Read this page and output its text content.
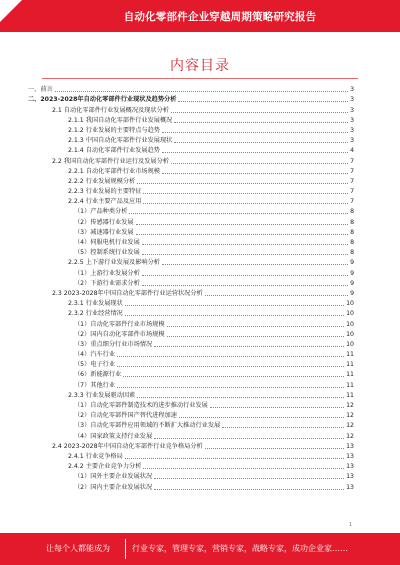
自动化零部件企业穿越周期策略研究报告
内容目录
一、前言	3
二、2023-2028年自动化零部件行业现状及趋势分析	3
2.1 自动化零部件行业发展概况及现状分析	3
2.1.1 我国自动化零部件行业发展概况	3
2.1.2 行业发展的主要特点与趋势	3
2.1.3 中国自动化零部件行业发展现状	3
2.1.4 自动化零部件行业发展趋势	4
2.2 我国自动化零部件行业运行及发展分析	7
2.2.1 自动化零部件行业市场规模	7
2.2.2 行业发展规模分析	7
2.2.3 行业发展的主要特征	7
2.2.4 行业主要产品及应用	7
（1）产品种类分析	8
（2）传感器行业发展	8
（3）减速器行业发展	8
（4）伺服电机行业发展	8
（5）控制系统行业发展	8
2.2.5 上下游行业发展及影响分析	9
（1）上游行业发展分析	9
（2）下游行业需求分析	9
2.3 2023-2028年中国自动化零部件行业运营状况分析	9
2.3.1 行业发展现状	10
2.3.2 行业经营情况	10
（1）自动化零部件行业市场规模	10
（2）国内自动化零部件市场规模	10
（3）重点细分行业市场情况	10
（4）汽车行业	11
（5）电子行业	11
（6）新能源行业	11
（7）其他行业	11
2.3.3 行业发展驱动因素	11
（1）自动化零部件制造技术的进步推动行业发展	12
（2）自动化零部件国产替代进程加速	12
（3）自动化零部件应用领域的不断扩大推动行业发展	12
（4）国家政策支持行业发展	12
2.4 2023-2028年中国自动化零部件行业竞争格局分析	13
2.4.1 行业竞争格局	13
2.4.2 主要企业竞争力分析	13
（1）国外主要企业发展状况	13
（2）国内主要企业发展状况	13
1
让每个人都能成为	行业专家，管理专家，营销专家，战略专家，成功企业家……
